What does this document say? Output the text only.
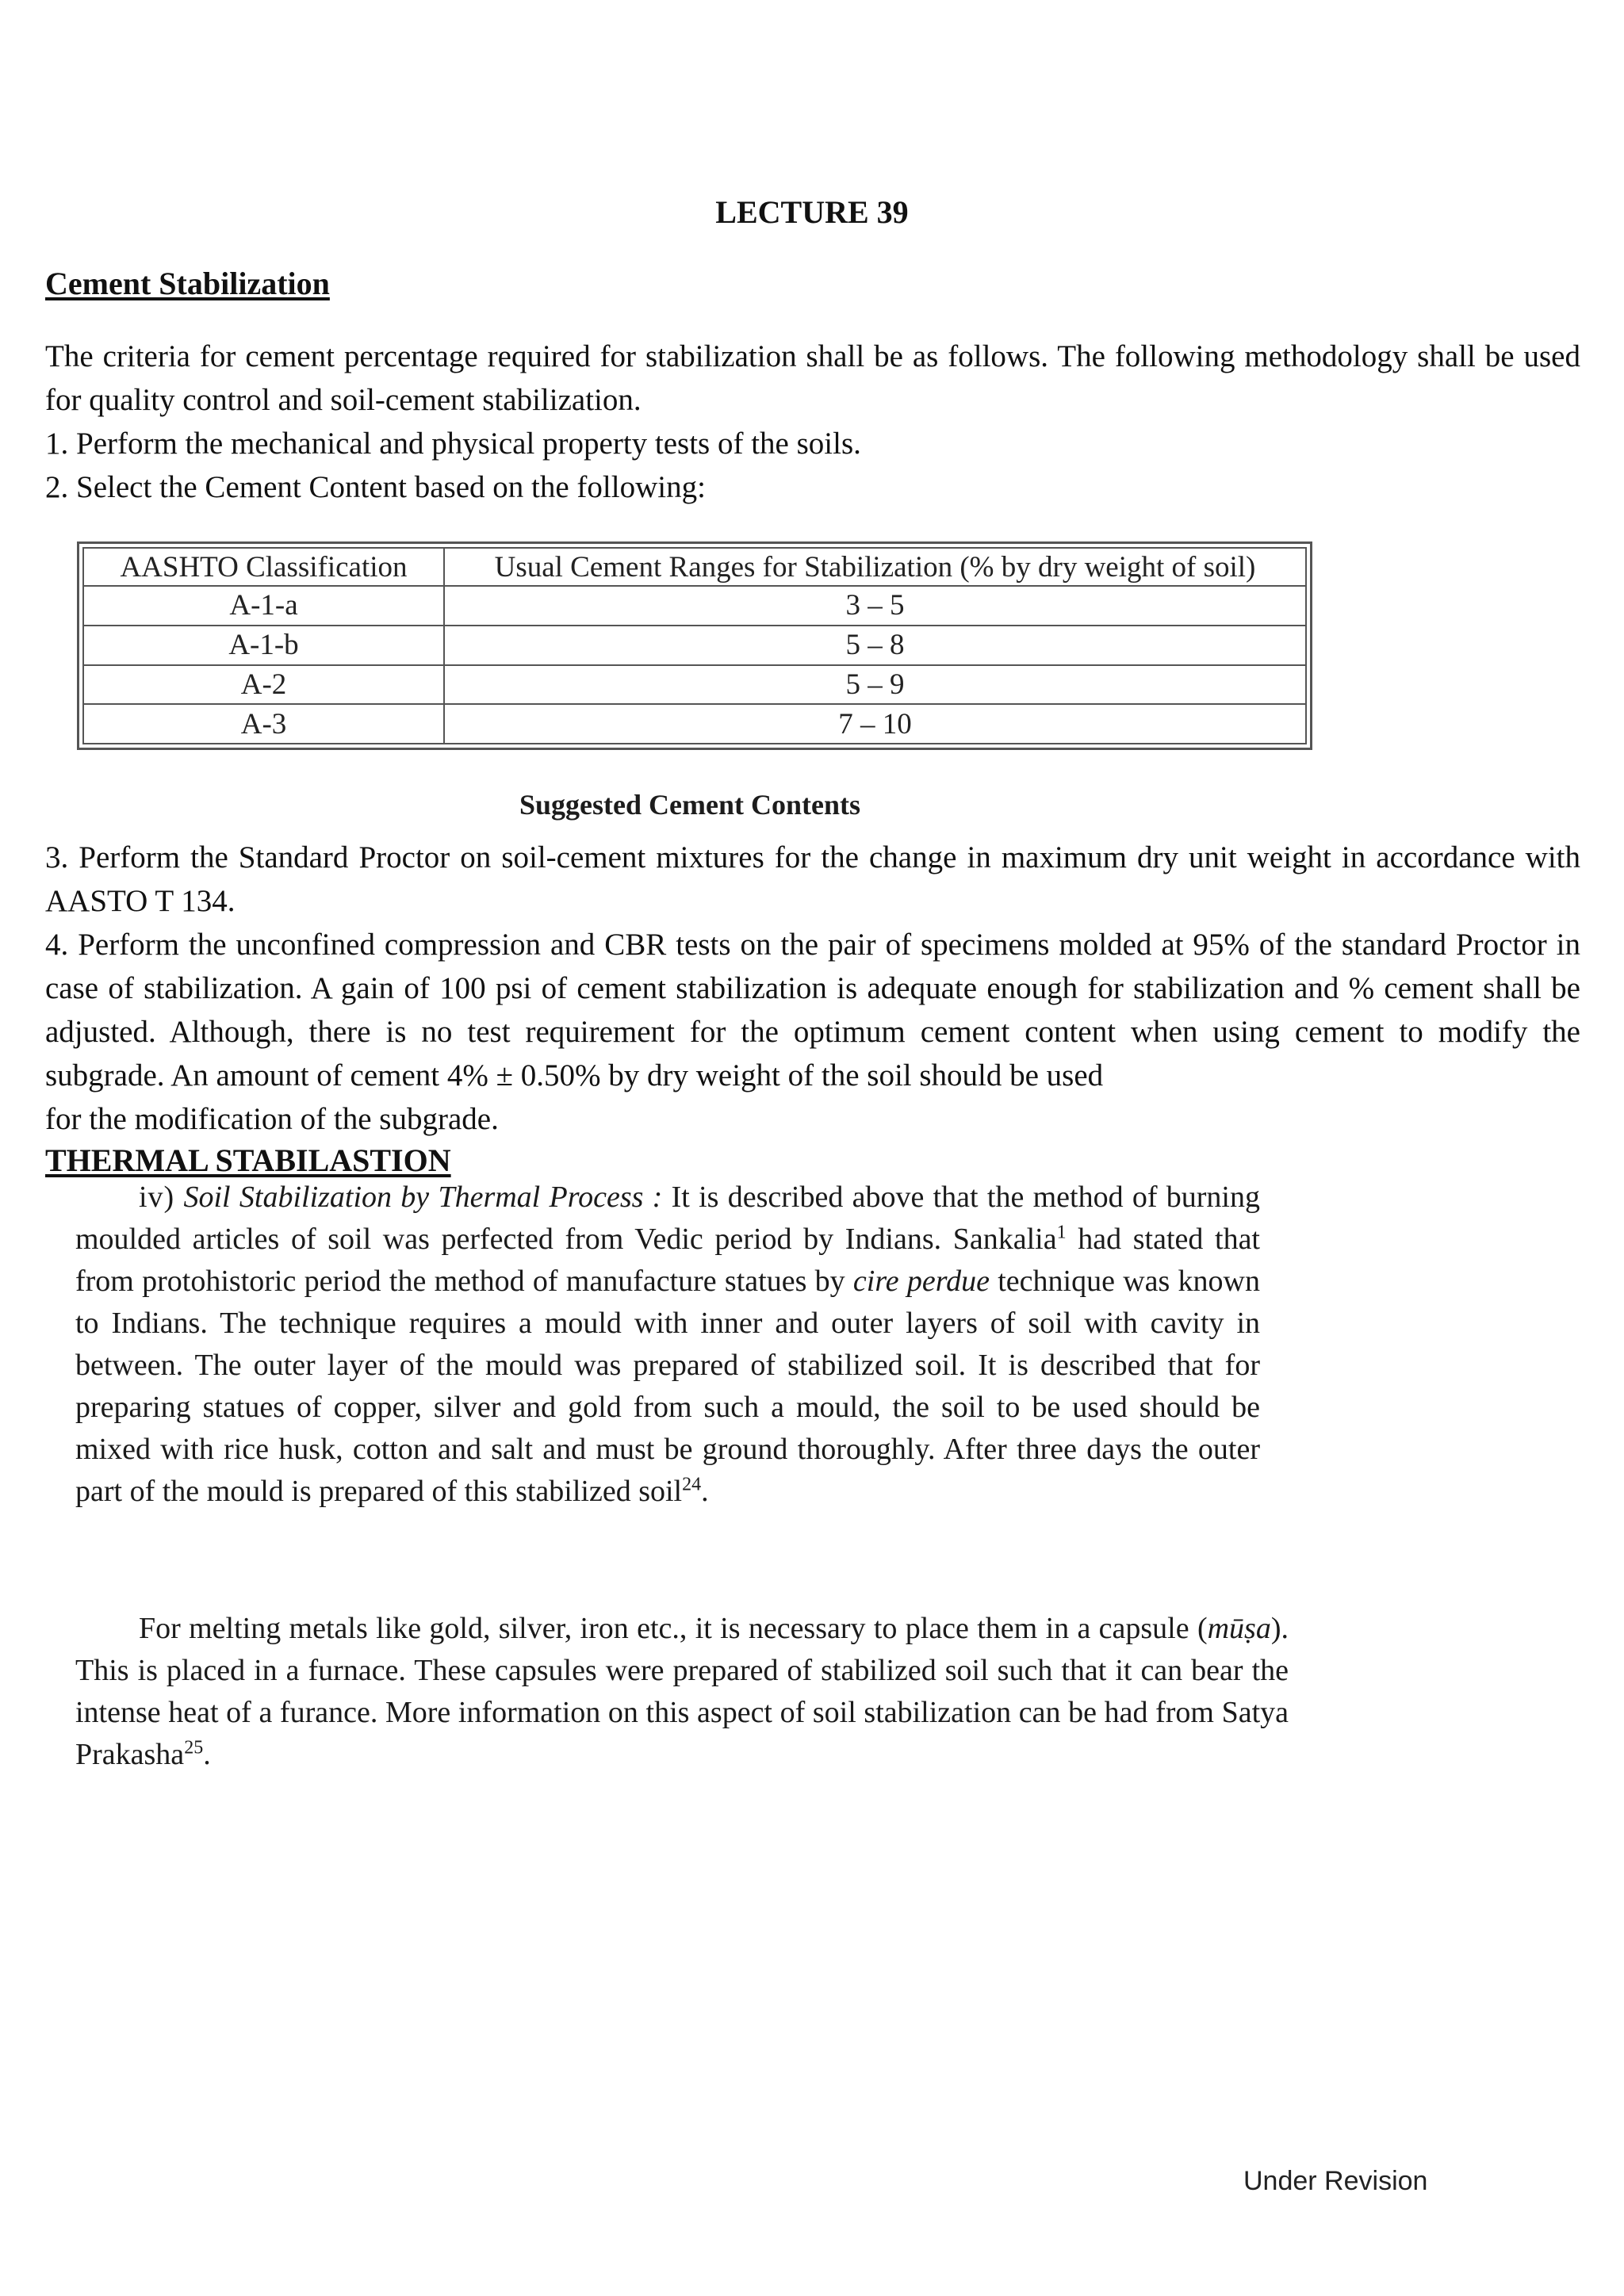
LECTURE 39
Cement Stabilization

The criteria for cement percentage required for stabilization shall be as follows. The following methodology shall be used for quality control and soil-cement stabilization.

1. Perform the mechanical and physical property tests of the soils.

2. Select the Cement Content based on the following:

AASHTO Classification	Usual Cement Ranges for Stabilization (% by dry weight of soil)
A-1-a	3 – 5
A-1-b	5 – 8
A-2	5 – 9
A-3	7 – 10
Suggested Cement Contents

3. Perform the Standard Proctor on soil-cement mixtures for the change in maximum dry unit weight in accordance with AASTO T 134.

4. Perform the unconfined compression and CBR tests on the pair of specimens molded at 95% of the standard Proctor in case of stabilization. A gain of 100 psi of cement stabilization is adequate enough for stabilization and % cement shall be adjusted. Although, there is no test requirement for the optimum cement content when using cement to modify the subgrade. An amount of cement 4% ± 0.50% by dry weight of the soil should be used

for the modification of the subgrade.

THERMAL STABILASTION

iv) Soil Stabilization by Thermal Process : It is described above that the method of burning moulded articles of soil was perfected from Vedic period by Indians. Sankalia$^1$ had stated that from protohistoric period the method of manufacture statues by cire perdue technique was known to Indians. The technique requires a mould with inner and outer layers of soil with cavity in between. The outer layer of the mould was prepared of stabilized soil. It is described that for preparing statues of copper, silver and gold from such a mould, the soil to be used should be mixed with rice husk, cotton and salt and must be ground thoroughly. After three days the outer part of the mould is prepared of this stabilized soil$^{24}$.

For melting metals like gold, silver, iron etc., it is necessary to place them in a capsule (mūṣa). This is placed in a furnace. These capsules were prepared of stabilized soil such that it can bear the intense heat of a furance. More information on this aspect of soil stabilization can be had from Satya Prakasha$^{25}$.

Under Revision
